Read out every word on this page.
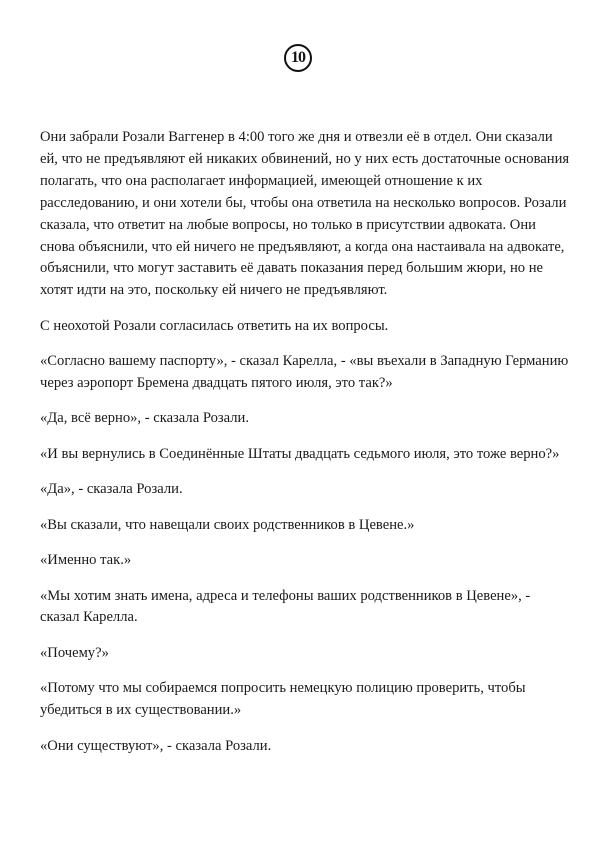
10

Они забрали Розали Ваггенер в 4:00 того же дня и отвезли её в отдел. Они сказали ей, что не предъявляют ей никаких обвинений, но у них есть достаточные основания полагать, что она располагает информацией, имеющей отношение к их расследованию, и они хотели бы, чтобы она ответила на несколько вопросов. Розали сказала, что ответит на любые вопросы, но только в присутствии адвоката. Они снова объяснили, что ей ничего не предъявляют, а когда она настаивала на адвокате, объяснили, что могут заставить её давать показания перед большим жюри, но не хотят идти на это, поскольку ей ничего не предъявляют.

С неохотой Розали согласилась ответить на их вопросы.

«Согласно вашему паспорту», - сказал Карелла, - «вы въехали в Западную Германию через аэропорт Бремена двадцать пятого июля, это так?»

«Да, всё верно», - сказала Розали.

«И вы вернулись в Соединённые Штаты двадцать седьмого июля, это тоже верно?»

«Да», - сказала Розали.

«Вы сказали, что навещали своих родственников в Цевене.»

«Именно так.»

«Мы хотим знать имена, адреса и телефоны ваших родственников в Цевене», - сказал Карелла.

«Почему?»

«Потому что мы собираемся попросить немецкую полицию проверить, чтобы убедиться в их существовании.»

«Они существуют», - сказала Розали.
